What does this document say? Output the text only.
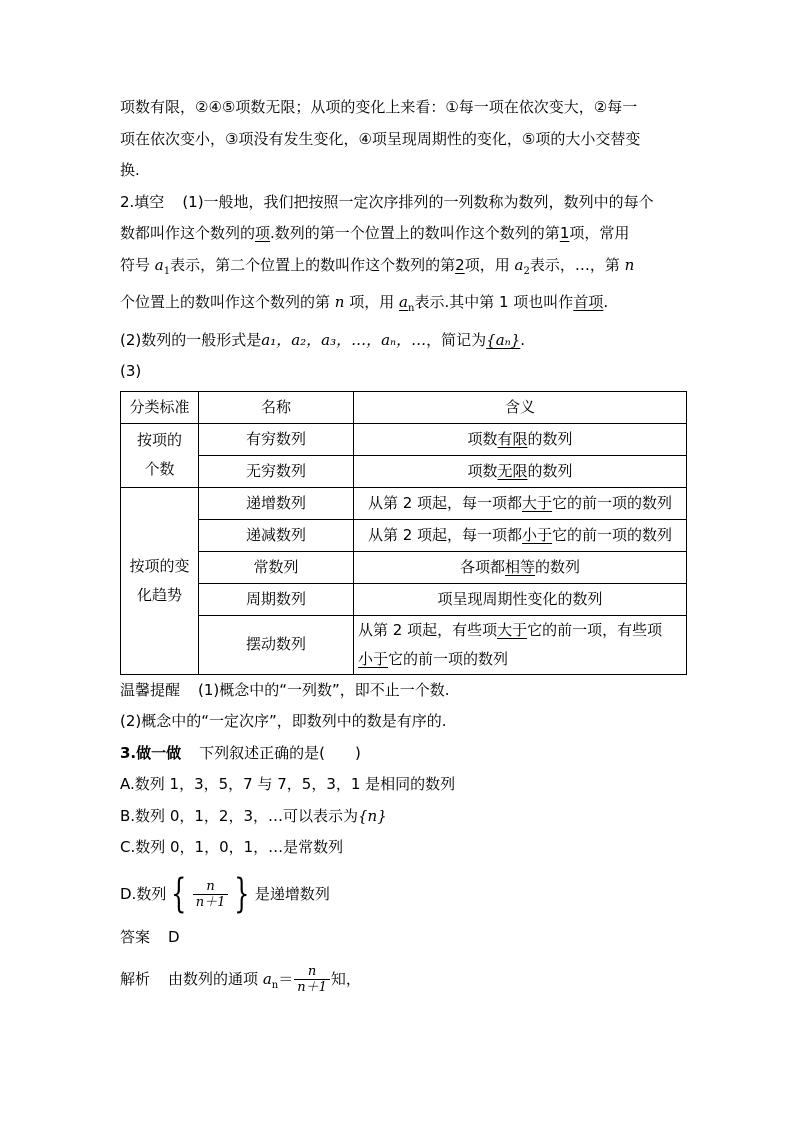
项数有限，②④⑤项数无限；从项的变化上来看：①每一项在依次变大，②每一

项在依次变小，③项没有发生变化，④项呈现周期性的变化，⑤项的大小交替变

换.

2.填空 (1)一般地，我们把按照一定次序排列的一列数称为数列，数列中的每个

数都叫作这个数列的项.数列的第一个位置上的数叫作这个数列的第1项，常用

符号 $a_1$表示，第二个位置上的数叫作这个数列的第2项，用 $a_2$表示，…，第 n

个位置上的数叫作这个数列的第 n 项，用 $a_n$表示.其中第 1 项也叫作首项.

(2)数列的一般形式是a₁，a₂，a₃，…，aₙ，…，简记为{aₙ}.

(3)

分类标准	名称	含义
按项的
个数	有穷数列	项数有限的数列
	无穷数列	项数无限的数列
按项的变
化趋势	递增数列	从第 2 项起，每一项都大于它的前一项的数列
	递减数列	从第 2 项起，每一项都小于它的前一项的数列
	常数列	各项都相等的数列
	周期数列	项呈现周期性变化的数列
	摆动数列	从第 2 项起，有些项大于它的前一项，有些项
小于它的前一项的数列

温馨提醒 (1)概念中的“一列数”，即不止一个数.

(2)概念中的“一定次序”，即数列中的数是有序的.

3.做一做 下列叙述正确的是(　　)

A.数列 1，3，5，7 与 7，5，3，1 是相同的数列

B.数列 0，1，2，3，…可以表示为{n}

C.数列 0，1，0，1，…是常数列

D.数列 { $\frac{n}{n+1}$ } 是递增数列

答案 D

解析 由数列的通项 $a_n= \frac{n}{n+1}$ 知，
